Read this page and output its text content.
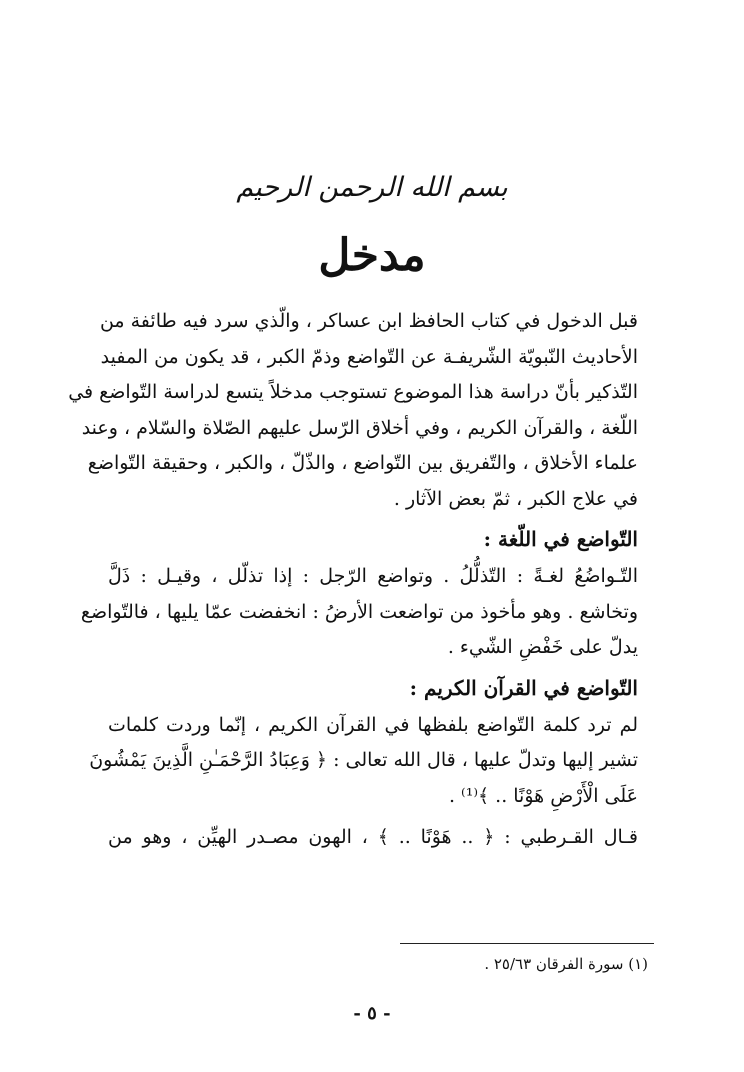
بسم الله الرحمن الرحيم
مدخل
قبل الدخول في كتاب الحافظ ابن عساكر ، والّذي سرد فيه طائفة من
الأحاديث النّبويّة الشّريفـة عن التّواضع وذمّ الكبر ، قد يكون من المفيد
التّذكير بأنّ دراسة هذا الموضوع تستوجب مدخلاً يتسع لدراسة التّواضع في
اللّغة ، والقرآن الكريم ، وفي أخلاق الرّسل عليهم الصّلاة والسّلام ، وعند
علماء الأخلاق ، والتّفريق بين التّواضع ، والذّلّ ، والكبر ، وحقيقة التّواضع
في علاج الكبر ، ثمّ بعض الآثار .
التّواضع في اللّغة :
التّـواضُعُ لغـةً : التّذلُّلُ . وتواضع الرّجل : إذا تذلّل ، وقيـل : ذَلَّ
وتخاشع . وهو مأخوذ من تواضعت الأرضُ : انخفضت عمّا يليها ، فالتّواضع
يدلّ على خَفْضِ الشّيء .
التّواضع في القرآن الكريم :
لم ترد كلمة التّواضع بلفظها في القرآن الكريم ، إنّما وردت كلمات
تشير إليها وتدلّ عليها ، قال الله تعالى : ﴿ وَعِبَادُ الرَّحْمَـٰنِ الَّذِينَ يَمْشُونَ
عَلَى الْأَرْضِ هَوْنًا .. ﴾⁽¹⁾ .
قـال القـرطبي : ﴿ .. هَوْنًا .. ﴾ ، الهون مصـدر الهيِّن ، وهو من
(١) سورة الفرقان ٢٥/٦٣ .
- ٥ -
